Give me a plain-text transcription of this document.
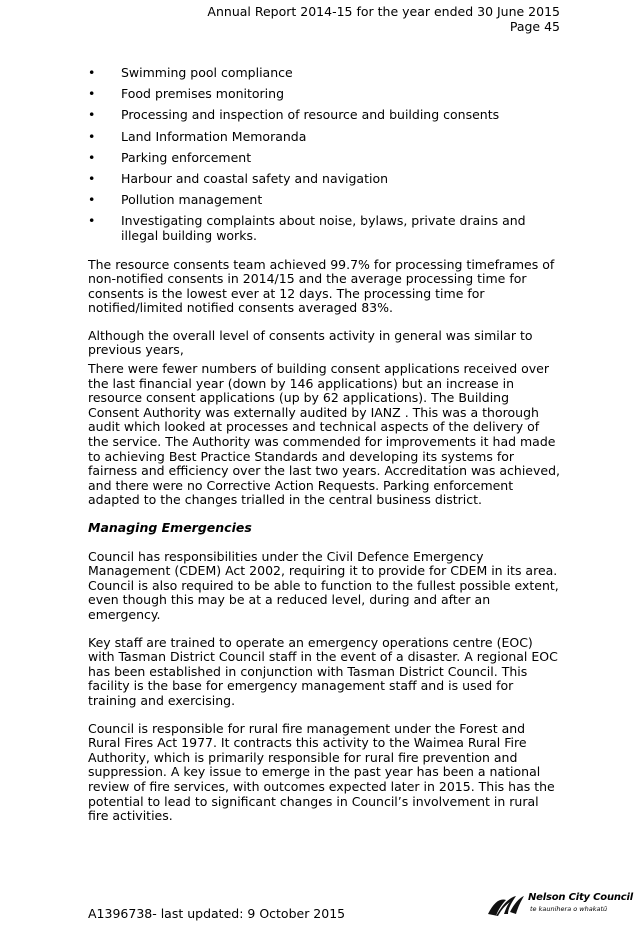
Annual Report 2014-15 for the year ended 30 June 2015
Page 45
•	Swimming pool compliance
•	Food premises monitoring
•	Processing and inspection of resource and building consents
•	Land Information Memoranda
•	Parking enforcement
•	Harbour and coastal safety and navigation
•	Pollution management
•	Investigating complaints about noise, bylaws, private drains and illegal building works.

The resource consents team achieved 99.7% for processing timeframes of non-notified consents in 2014/15 and the average processing time for consents is the lowest ever at 12 days. The processing time for notified/limited notified consents averaged 83%.

Although the overall level of consents activity in general was similar to previous years,

There were fewer numbers of building consent applications received over the last financial year (down by 146 applications) but an increase in resource consent applications (up by 62 applications). The Building Consent Authority was externally audited by IANZ . This was a thorough audit which looked at processes and technical aspects of the delivery of the service. The Authority was commended for improvements it had made to achieving Best Practice Standards and developing its systems for fairness and efficiency over the last two years. Accreditation was achieved, and there were no Corrective Action Requests. Parking enforcement adapted to the changes trialled in the central business district.

Managing Emergencies

Council has responsibilities under the Civil Defence Emergency Management (CDEM) Act 2002, requiring it to provide for CDEM in its area. Council is also required to be able to function to the fullest possible extent, even though this may be at a reduced level, during and after an emergency.

Key staff are trained to operate an emergency operations centre (EOC) with Tasman District Council staff in the event of a disaster. A regional EOC has been established in conjunction with Tasman District Council. This facility is the base for emergency management staff and is used for training and exercising.

Council is responsible for rural fire management under the Forest and Rural Fires Act 1977. It contracts this activity to the Waimea Rural Fire Authority, which is primarily responsible for rural fire prevention and suppression. A key issue to emerge in the past year has been a national review of fire services, with outcomes expected later in 2015. This has the potential to lead to significant changes in Council’s involvement in rural fire activities.

A1396738- last updated: 9 October 2015
Nelson City Council
te kaunihera o whakatū
